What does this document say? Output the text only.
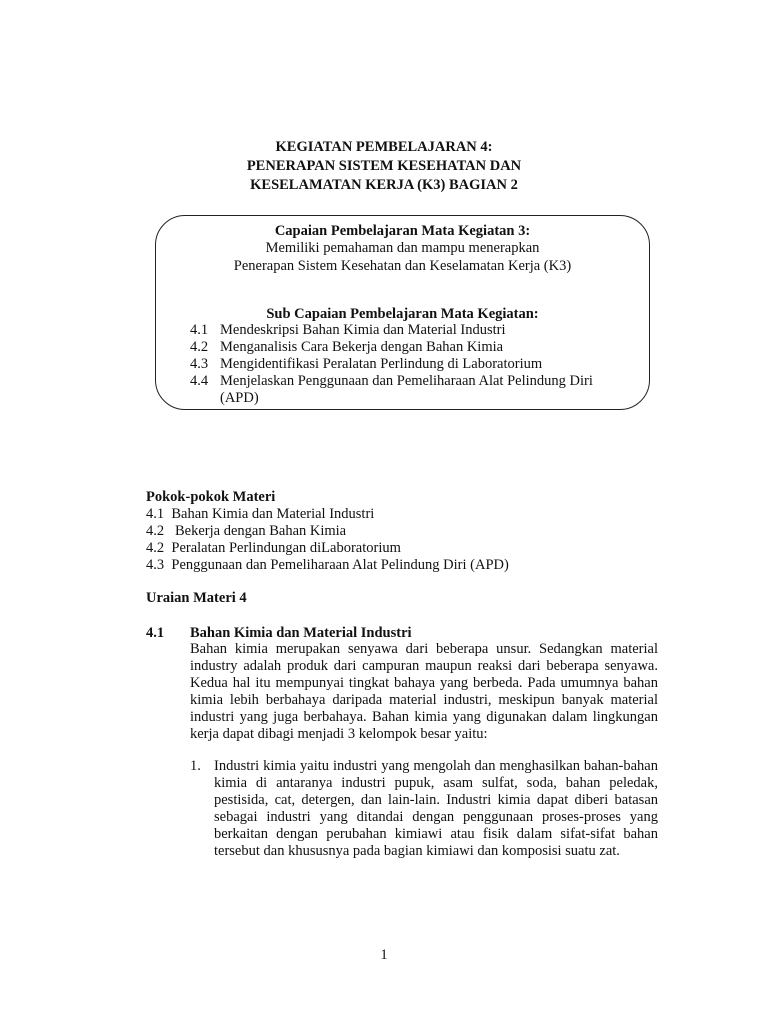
KEGIATAN PEMBELAJARAN 4:
PENERAPAN SISTEM KESEHATAN DAN
KESELAMATAN KERJA (K3) BAGIAN 2
Capaian Pembelajaran Mata Kegiatan 3:
Memiliki pemahaman dan mampu menerapkan
Penerapan Sistem Kesehatan dan Keselamatan Kerja (K3)
Sub Capaian Pembelajaran Mata Kegiatan:
4.1 Mendeskripsi Bahan Kimia dan Material Industri
4.2 Menganalisis Cara Bekerja dengan Bahan Kimia
4.3 Mengidentifikasi Peralatan Perlindung di Laboratorium
4.4 Menjelaskan Penggunaan dan Pemeliharaan Alat Pelindung Diri
(APD)
Pokok-pokok Materi
4.1  Bahan Kimia dan Material Industri
4.2   Bekerja dengan Bahan Kimia
4.2  Peralatan Perlindungan diLaboratorium
4.3  Penggunaan dan Pemeliharaan Alat Pelindung Diri (APD)
Uraian Materi 4
4.1 Bahan Kimia dan Material Industri

Bahan kimia merupakan senyawa dari beberapa unsur. Sedangkan material industry adalah produk dari campuran maupun reaksi dari beberapa senyawa. Kedua hal itu mempunyai tingkat bahaya yang berbeda. Pada umumnya bahan kimia lebih berbahaya daripada material industri, meskipun banyak material industri yang juga berbahaya. Bahan kimia yang digunakan dalam lingkungan kerja dapat dibagi menjadi 3 kelompok besar yaitu:

1. Industri kimia yaitu industri yang mengolah dan menghasilkan bahan-bahan kimia di antaranya industri pupuk, asam sulfat, soda, bahan peledak, pestisida, cat, detergen, dan lain-lain. Industri kimia dapat diberi batasan sebagai industri yang ditandai dengan penggunaan proses-proses yang berkaitan dengan perubahan kimiawi atau fisik dalam sifat-sifat bahan tersebut dan khususnya pada bagian kimiawi dan komposisi suatu zat.
1
